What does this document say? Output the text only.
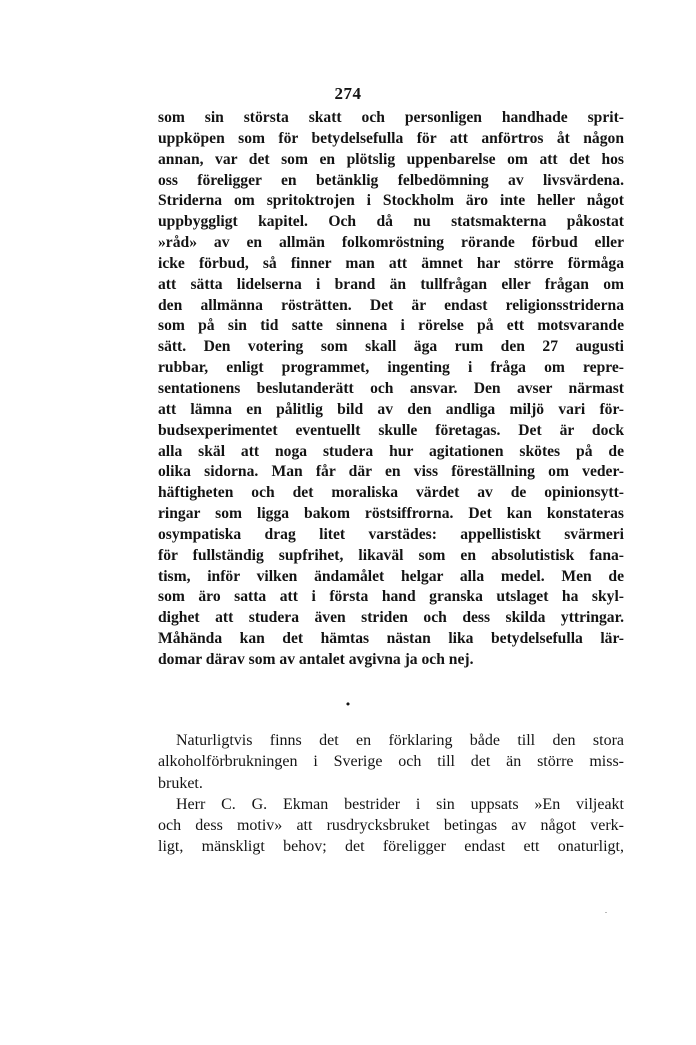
274
som sin största skatt och personligen handhade sprit-
uppköpen som för betydelsefulla för att anförtros åt någon
annan, var det som en plötslig uppenbarelse om att det hos
oss föreligger en betänklig felbedömning av livsvärdena.
Striderna om spritoktrojen i Stockholm äro inte heller något
uppbyggligt kapitel. Och då nu statsmakterna påkostat
»råd» av en allmän folkomröstning rörande förbud eller
icke förbud, så finner man att ämnet har större förmåga
att sätta lidelserna i brand än tullfrågan eller frågan om
den allmänna rösträtten. Det är endast religionsstriderna
som på sin tid satte sinnena i rörelse på ett motsvarande
sätt. Den votering som skall äga rum den 27 augusti
rubbar, enligt programmet, ingenting i fråga om repre-
sentationens beslutanderätt och ansvar. Den avser närmast
att lämna en pålitlig bild av den andliga miljö vari för-
budsexperimentet eventuellt skulle företagas. Det är dock
alla skäl att noga studera hur agitationen skötes på de
olika sidorna. Man får där en viss föreställning om veder-
häftigheten och det moraliska värdet av de opinionsytt-
ringar som ligga bakom röstsiffrorna. Det kan konstateras
osympatiska drag litet varstädes: appellistiskt svärmeri
för fullständig supfrihet, likaväl som en absolutistisk fana-
tism, inför vilken ändamålet helgar alla medel. Men de
som äro satta att i första hand granska utslaget ha skyl-
dighet att studera även striden och dess skilda yttringar.
Måhända kan det hämtas nästan lika betydelsefulla lär-
domar därav som av antalet avgivna ja och nej.
•
Naturligtvis finns det en förklaring både till den stora
alkoholförbrukningen i Sverige och till det än större miss-
bruket.
Herr C. G. Ekman bestrider i sin uppsats »En viljeakt
och dess motiv» att rusdrycksbruket betingas av något verk-
ligt, mänskligt behov; det föreligger endast ett onaturligt,
